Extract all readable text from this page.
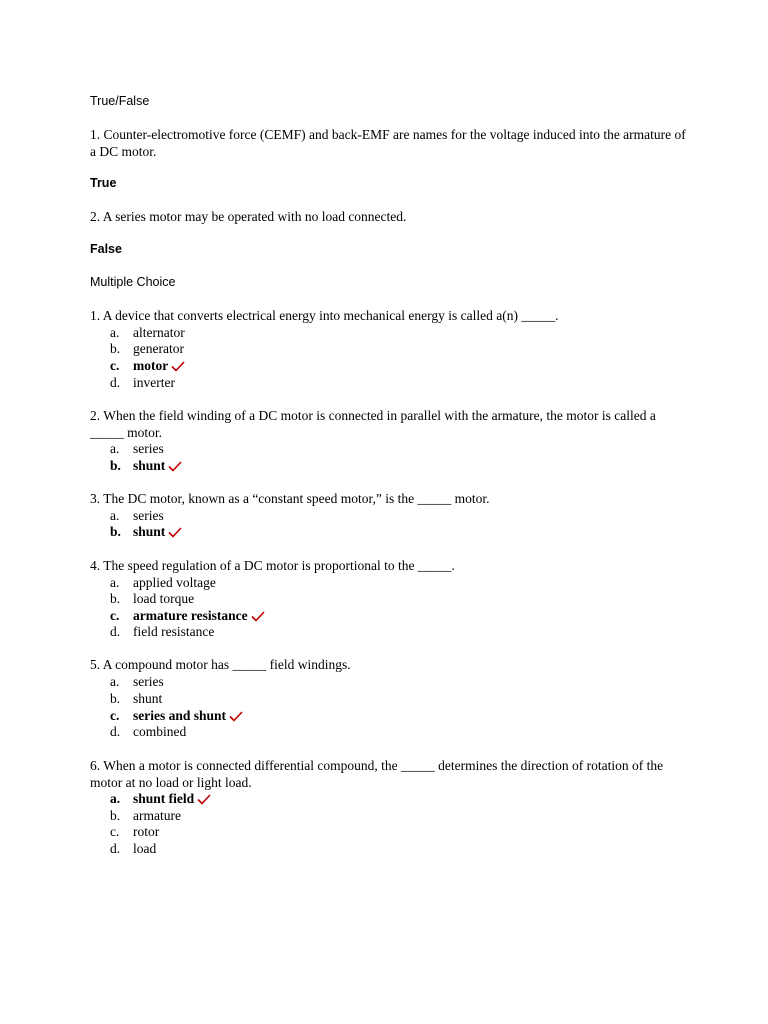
True/False
1. Counter-electromotive force (CEMF) and back-EMF are names for the voltage induced into the armature of a DC motor.
True
2. A series motor may be operated with no load connected.
False
Multiple Choice
1. A device that converts electrical energy into mechanical energy is called a(n) _____.
a. alternator
b. generator
c. motor
d. inverter
2. When the field winding of a DC motor is connected in parallel with the armature, the motor is called a _____ motor.
a. series
b. shunt
3. The DC motor, known as a “constant speed motor,” is the _____ motor.
a. series
b. shunt
4. The speed regulation of a DC motor is proportional to the _____.
a. applied voltage
b. load torque
c. armature resistance
d. field resistance
5. A compound motor has _____ field windings.
a. series
b. shunt
c. series and shunt
d. combined
6. When a motor is connected differential compound, the _____ determines the direction of rotation of the motor at no load or light load.
a. shunt field
b. armature
c. rotor
d. load
